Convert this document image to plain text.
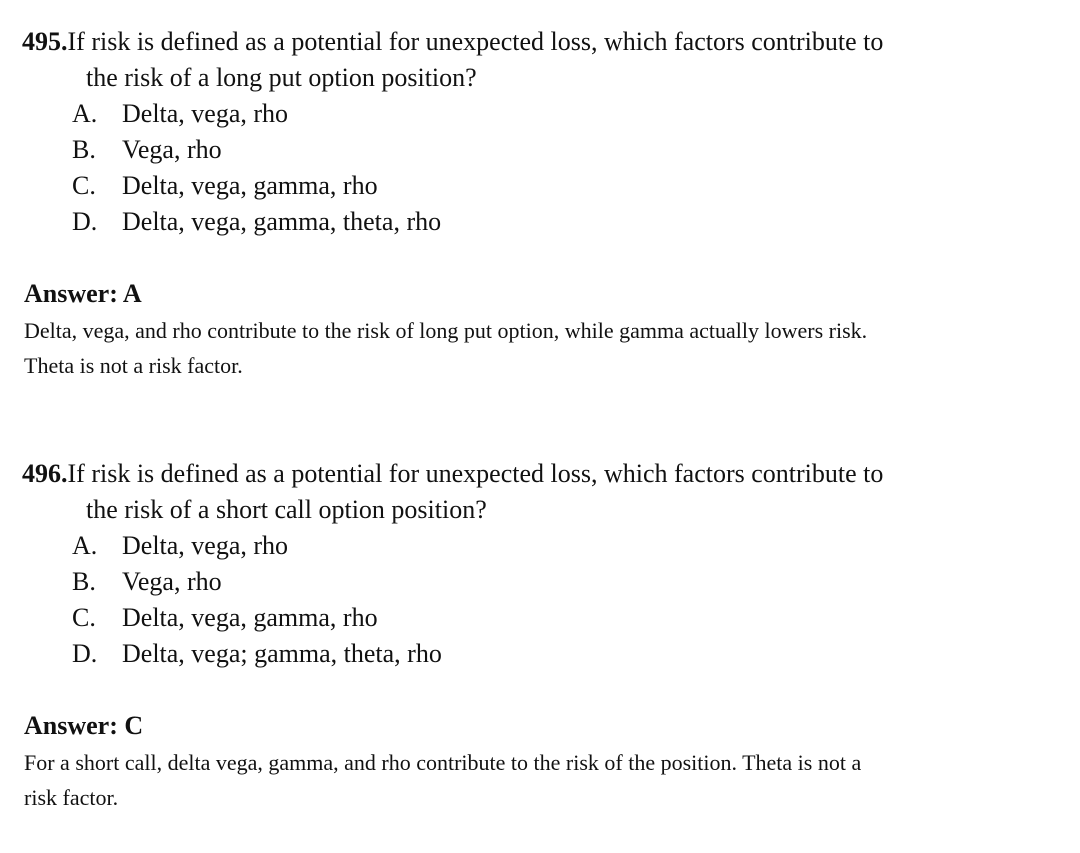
495.If risk is defined as a potential for unexpected loss, which factors contribute to

the risk of a long put option position?

A. Delta, vega, rho
B. Vega, rho
C. Delta, vega, gamma, rho
D. Delta, vega, gamma, theta, rho

Answer: A

Delta, vega, and rho contribute to the risk of long put option, while gamma actually lowers risk.
Theta is not a risk factor.

496.If risk is defined as a potential for unexpected loss, which factors contribute to

the risk of a short call option position?

A. Delta, vega, rho
B. Vega, rho
C. Delta, vega, gamma, rho
D. Delta, vega; gamma, theta, rho

Answer: C

For a short call, delta vega, gamma, and rho contribute to the risk of the position. Theta is not a
risk factor.
